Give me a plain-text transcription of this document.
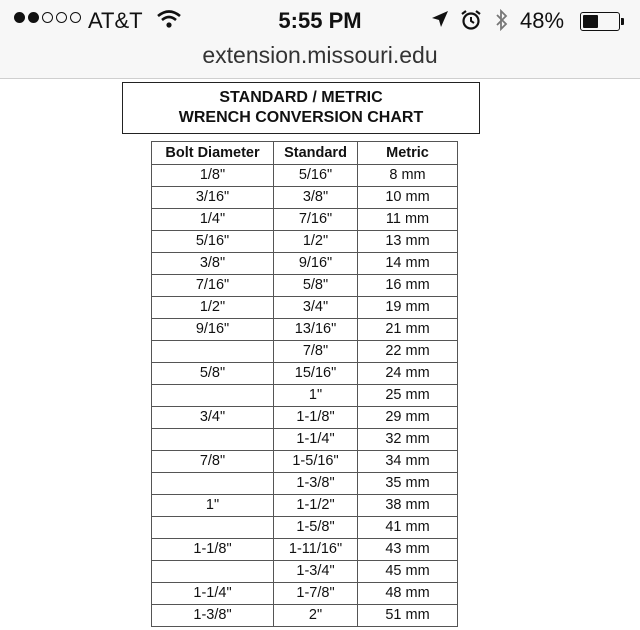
AT&T	5:55 PM	48%
extension.missouri.edu
STANDARD / METRIC
WRENCH CONVERSION CHART
Bolt Diameter	Standard	Metric
1/8"	5/16"	8 mm
3/16"	3/8"	10 mm
1/4"	7/16"	11 mm
5/16"	1/2"	13 mm
3/8"	9/16"	14 mm
7/16"	5/8"	16 mm
1/2"	3/4"	19 mm
9/16"	13/16"	21 mm
	7/8"	22 mm
5/8"	15/16"	24 mm
	1"	25 mm
3/4"	1-1/8"	29 mm
	1-1/4"	32 mm
7/8"	1-5/16"	34 mm
	1-3/8"	35 mm
1"	1-1/2"	38 mm
	1-5/8"	41 mm
1-1/8"	1-11/16"	43 mm
	1-3/4"	45 mm
1-1/4"	1-7/8"	48 mm
1-3/8"	2"	51 mm
